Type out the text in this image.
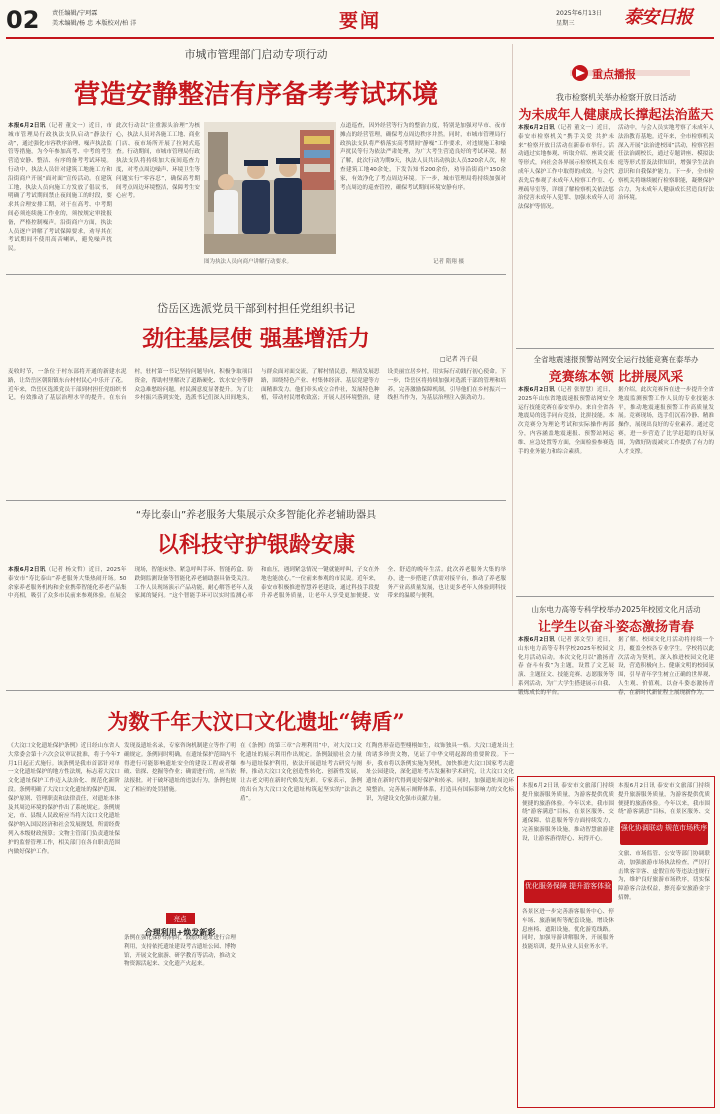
02 责任编辑/宁珂霖
美术编辑/杨 忠 本版校对/柏 洋	要闻	2025年6月13日
星期三	泰安日报
市城市管理部门启动专项行动
营造安静整洁有序备考考试环境
本报6月2日讯（记者 董文一）近日，市城市管理局行政执法支队启动“静法行动”，通过强化市容秩序治理、噪声执法监管等措施，为今年参加高考、中考的考生营造安静、整洁、有序的备考考试环境。行动中，执法人员针对建筑工地施工方和沿街商户开展“面对面”宣传活动。在建筑工地，执法人员向施工方发放了倡议书，明确了考试期间禁止夜间施工的时段，要求其合理安排工期，对于在高考、中考期间必须连续施工作业的，须按规定审批报备，严格控制噪声。沿街商户方面，执法人员逐户讲解了考试保障要求，劝导其在考试期间不使用高音喇叭，避免噪声扰民。
此次行动以“注重源头治理”为核心，执法人员对各施工工地、商业门店、夜市场所开展了拉网式巡查。行动期间，市城市管理局行政执法支队将持续加大夜间巡查力度，对考点周边噪声、环境卫生等问题实行“零容忍”，确保高考期间考点周边环境整洁，保障考生安心应考。
图为执法人员向商户讲解行动要求。	记者 隋翔 摄
点道巡查，因外经营等行为的整治力度，特别是加强对早市、夜市摊点的经营管理，确保考点周边秩序井然。同时，市城市管理局行政执法支队将严格落实高考期间“静噪”工作要求，对违规施工和噪声扰民等行为依法严肃处理，为广大考生营造良好的考试环境。据了解，此次行动为期9天，执法人员共出动执法人员320余人次，检查建筑工地40余处，下发告知书200余份，劝导沿街商户150余家，有效净化了考点周边环境。下一步，城市管理局将持续加强对考点周边的巡查管控，确保考试期间环境安静有序。
岱岳区选派党员干部到村担任党组织书记
劲往基层使 强基增活力
□记者 冯子晨
麦收时节，一条位于村东部将开通的新建水泥路，让岱岳区朝阳镇东台村村民心中乐开了花。近年来，岱岳区选派党员干部到村担任党组织书记，有效推动了基层治理水平的提升。在东台村，驻村第一书记坚持问题导向，积极争取项目资金，帮助村里解决了道路硬化、饮水安全等群众急难愁盼问题，村民满意度显著提升。为了让乡村振兴落到实处，选派书记们深入田间地头，与群众面对面交流，了解村情民意，理清发展思路，围绕特色产业、村集体经济、基层党建等方面精准发力。他们牵头成立合作社，发展特色种植，带动村民增收致富；开展人居环境整治，建设美丽宜居乡村，用实际行动践行初心使命。下一步，岱岳区将持续加强对选派干部的管理和培养，完善激励保障机制，引导他们在乡村振兴一线担当作为，为基层治理注入强劲动力。
“寿比泰山”养老服务大集展示众多智能化养老辅助器具
以科技守护银龄安康
本报6月2日讯（记者 杨文哲）近日，2025年泰安市“寿比泰山”养老服务大集热闹开场。50余家养老服务机构和企业携带智能化养老产品集中亮相，吸引了众多市民前来参观体验。在展会现场，智能床垫、紧急呼叫手环、智能药盒、防跌倒监测设备等智能化养老辅助器具备受关注。工作人员现场演示产品功能，耐心解答老年人及家属的疑问。“这个智能手环可以实时监测心率和血压，遇到紧急情况一键就能呼叫，子女在外地也能放心。”一位前来参观的市民说。近年来，泰安市积极推进智慧养老建设，通过科技手段提升养老服务质量，让老年人享受更加便捷、安全、舒适的晚年生活。此次养老服务大集的举办，进一步搭建了供需对接平台，推动了养老服务产业高质量发展，也让更多老年人体验到科技带来的温暖与便利。
为数千年大汶口文化遗址“铸盾”
《大汶口文化遗址保护条例》近日经山东省人大常委会第十六次会议审议批准，将于今年7月1日起正式施行。该条例是我市首部针对单一文化遗址保护的地方性法规，标志着大汶口文化遗址保护工作迈入法治化、规范化新阶段。条例明确了大汶口文化遗址的保护范围、保护原则、管理职责和法律责任，对遗址本体及其周边环境的保护作出了系统规定。条例规定，市、县级人民政府应当将大汶口文化遗址保护纳入国民经济和社会发展规划，所需经费列入本级财政预算；文物主管部门负责遗址保护的监督管理工作，相关部门在各自职责范围内做好保护工作。
发现及遗址名录，专家咨询机制建立等作了明确规定。条例同时明确，在遗址保护范围内不得进行可能影响遗址安全的建设工程或者爆破、钻探、挖掘等作业；确需进行的，应当依法报批。对于破坏遗址的违法行为，条例也规定了相应的处罚措施。
亮点
合理利用+焕发新彩
条例在强化保护的同时，鼓励对遗址进行合理利用，支持依托遗址建设考古遗址公园、博物馆，开展文化旅游、研学教育等活动，推动文物资源活起来、文化遗产火起来。
在《条例》的第三章“合理利用”中，对大汶口文化遗址的展示利用作出规定。条例鼓励社会力量参与遗址保护利用，依法开展遗址考古研究与阐释，推动大汶口文化创造性转化、创新性发展，让古老文明在新时代焕发光彩。专家表示，条例的出台为大汶口文化遗址构筑起坚实的“法治之盾”。
红陶兽形壶造型栩栩如生，纹饰独具一格。大汶口遗址出土的诸多珍贵文物，见证了中华文明起源的重要阶段。下一步，我市将以条例实施为契机，加快推进大汶口国家考古遗址公园建设，深化遗址考古发掘和学术研究，让大汶口文化遗址在新时代得到更好保护和传承。同时，加强遗址周边环境整治，完善展示阐释体系，打造具有国际影响力的文化标识，为建设文化强市贡献力量。
重点播报
我市检察机关举办检察开放日活动
为未成年人健康成长撑起法治蓝天
本报6月2日讯（记者 董文一）近日，泰安市检察机关“携手关爱 共护未来”检察开放日活动在新泰市举行。活动通过实地参观、听取介绍、座谈交流等形式，向社会各界展示检察机关在未成年人保护工作中取得的成效。与会代表先后参观了未成年人检察工作室、心理疏导室等，详细了解检察机关依法惩治侵害未成年人犯罪、加强未成年人司法保护等情况。
活动中，与会人员实地考察了未成年人法治教育基地。近年来，全市检察机关深入开展“法治进校园”活动，检察官担任法治副校长，通过专题讲座、模拟法庭等形式普及法律知识，增强学生法治意识和自我保护能力。下一步，全市检察机关将继续履行检察职能，凝聚保护合力，为未成年人健康成长营造良好法治环境。
全省地震速报预警站网安全运行技能竞赛在泰举办
竞赛练本领 比拼展风采
本报6月2日讯（记者 张智慧）近日，2025年山东省地震速报预警站网安全运行技能竞赛在泰安举办。来自全省各地震局的选手同台竞技，比拼技能。本次竞赛分为理论考试和实际操作两部分，内容涵盖地震速报、预警站网运维、应急处置等方面，全面检验参赛选手的业务能力和综合素质。
据介绍，此次竞赛旨在进一步提升全省地震监测预警工作人员的专业技能水平，推动地震速报预警工作高质量发展。竞赛现场，选手们沉着冷静、精准操作，展现出良好的专业素养。通过竞赛，进一步营造了比学赶超的良好氛围，为做好防震减灾工作提供了有力的人才支撑。
山东电力高等专科学校举办2025年校园文化月活动
让学生以奋斗姿态激扬青春
本报6月2日讯（记者 郭文莹）近日，山东电力高等专科学校2025年校园文化月活动启动。本次文化月以“激扬青春 奋斗有我”为主题，设置了文艺展演、主题征文、技能竞赛、志愿服务等系列活动，为广大学生搭建展示自我、锻炼成长的平台。
据了解，校园文化月活动将持续一个月，覆盖全校各专业学生。学校将以此次活动为契机，深入推进校园文化建设，营造积极向上、健康文明的校园氛围，引导青年学生树立正确的世界观、人生观、价值观，以奋斗姿态激扬青春，在新时代新征程上展现新作为。
本报6月2日讯 泰安市文旅部门持续提升旅游服务质量，为游客提供优质便捷的旅游体验。今年以来，我市围绕“游客满意”目标，在景区服务、交通保障、信息服务等方面持续发力，完善旅游服务设施，推动智慧旅游建设，让游客游得舒心、玩得开心。
优化服务保障 提升游客体验
各景区进一步完善游客服务中心、停车场、旅游厕所等配套设施，增设休息座椅、遮阳设施，优化游览线路。同时，加强导游讲解服务，开展服务技能培训，提升从业人员业务水平。
本报6月2日讯 泰安市文旅部门持续提升旅游服务质量，为游客提供优质便捷的旅游体验。今年以来，我市围绕“游客满意”目标，在景区服务、交
强化协调联动 规范市场秩序
文旅、市场监管、公安等部门协调联动，加强旅游市场执法检查，严厉打击欺客宰客、虚假宣传等违法违规行为，维护良好旅游市场秩序，切实保障游客合法权益，擦亮泰安旅游金字招牌。
